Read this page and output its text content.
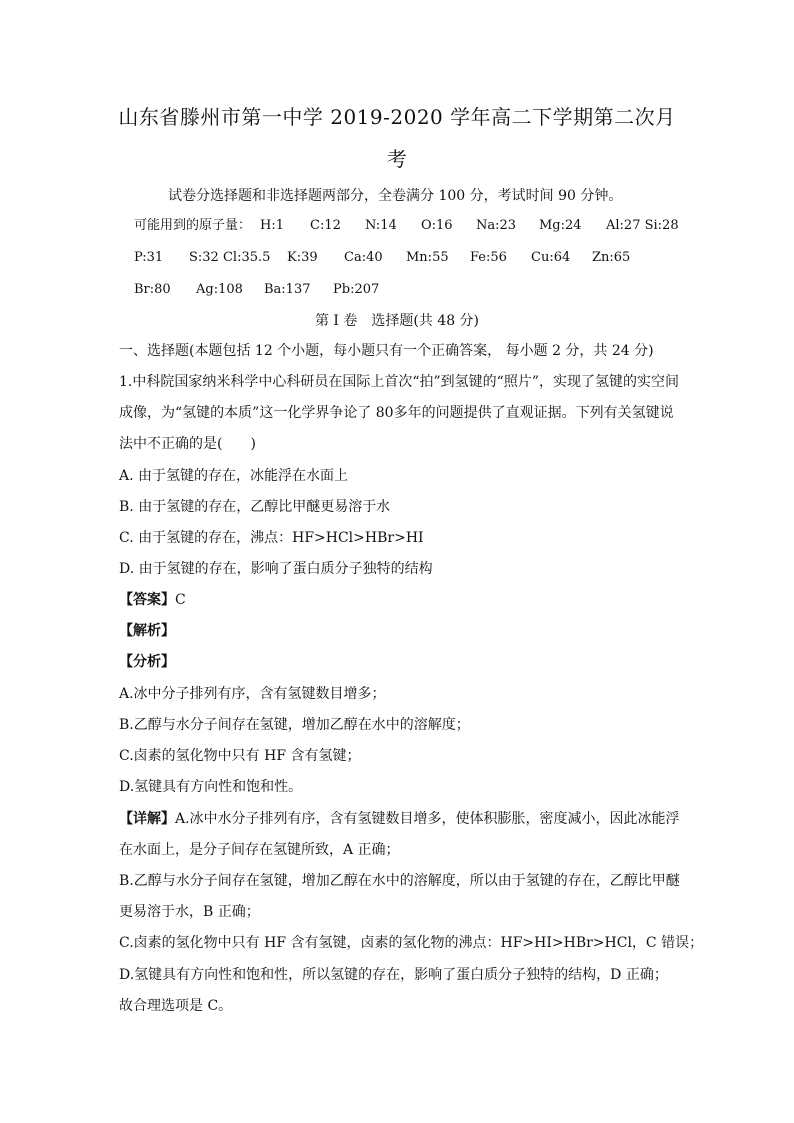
山东省滕州市第一中学 2019-2020 学年高二下学期第二次月
考
试卷分选择题和非选择题两部分，全卷满分 100 分，考试时间 90 分钟。
可能用到的原子量： H:1 C:12 N:14 O:16 Na:23 Mg:24 Al:27 Si:28
P:31 S:32 Cl:35.5 K:39 Ca:40 Mn:55 Fe:56 Cu:64 Zn:65
Br:80 Ag:108 Ba:137 Pb:207
第 I 卷　选择题(共 48 分)
一、选择题(本题包括 12 个小题，每小题只有一个正确答案， 每小题 2 分，共 24 分)
1.中科院国家纳米科学中心科研员在国际上首次“拍”到氢键的“照片”，实现了氢键的实空间
成像，为“氢键的本质”这一化学界争论了 80多年的问题提供了直观证据。下列有关氢键说
法中不正确的是(　　)
A. 由于氢键的存在，冰能浮在水面上
B. 由于氢键的存在，乙醇比甲醚更易溶于水
C. 由于氢键的存在，沸点：HF>HCl>HBr>HI
D. 由于氢键的存在，影响了蛋白质分子独特的结构
【答案】C
【解析】
【分析】
A.冰中分子排列有序，含有氢键数目增多；
B.乙醇与水分子间存在氢键，增加乙醇在水中的溶解度；
C.卤素的氢化物中只有 HF 含有氢键；
D.氢键具有方向性和饱和性。
【详解】A.冰中水分子排列有序，含有氢键数目增多，使体积膨胀，密度减小，因此冰能浮
在水面上，是分子间存在氢键所致，A 正确；
B.乙醇与水分子间存在氢键，增加乙醇在水中的溶解度，所以由于氢键的存在，乙醇比甲醚
更易溶于水，B 正确；
C.卤素的氢化物中只有 HF 含有氢键，卤素的氢化物的沸点：HF>HI>HBr>HCl，C 错误；
D.氢键具有方向性和饱和性，所以氢键的存在，影响了蛋白质分子独特的结构，D 正确；
故合理选项是 C。
